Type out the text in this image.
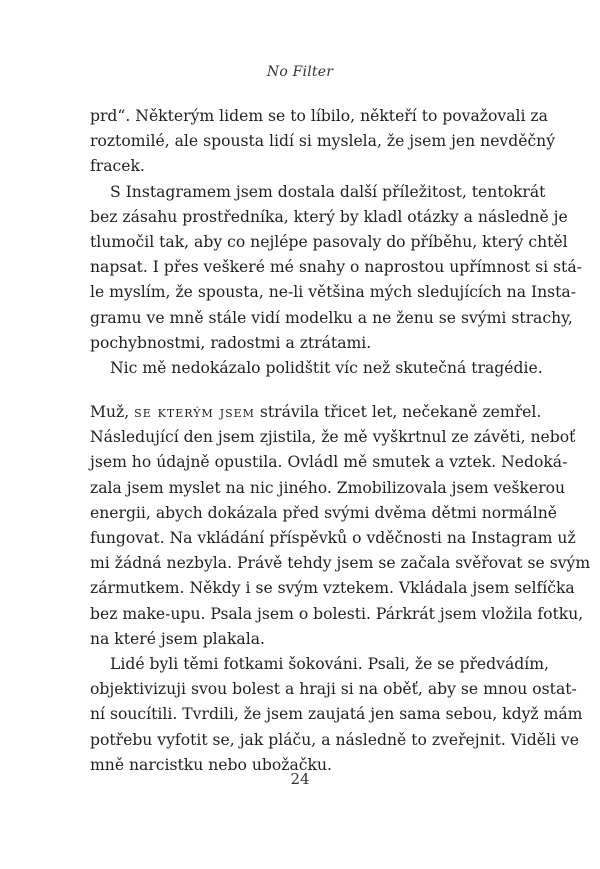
No Filter
prd“. Některým lidem se to líbilo, někteří to považovali za
roztomilé, ale spousta lidí si myslela, že jsem jen nevděčný
fracek.
S Instagramem jsem dostala další příležitost, tentokrát
bez zásahu prostředníka, který by kladl otázky a následně je
tlumočil tak, aby co nejlépe pasovaly do příběhu, který chtěl
napsat. I přes veškeré mé snahy o naprostou upřímnost si stá-
le myslím, že spousta, ne-li většina mých sledujících na Insta-
gramu ve mně stále vidí modelku a ne ženu se svými strachy,
pochybnostmi, radostmi a ztrátami.
Nic mě nedokázalo polidštit víc než skutečná tragédie.
Muž, se kterým jsem strávila třicet let, nečekaně zemřel.
Následující den jsem zjistila, že mě vyškrtnul ze závěti, neboť
jsem ho údajně opustila. Ovládl mě smutek a vztek. Nedoká-
zala jsem myslet na nic jiného. Zmobilizovala jsem veškerou
energii, abych dokázala před svými dvěma dětmi normálně
fungovat. Na vkládání příspěvků o vděčnosti na Instagram už
mi žádná nezbyla. Právě tehdy jsem se začala svěřovat se svým
zármutkem. Někdy i se svým vztekem. Vkládala jsem selfíčka
bez make-upu. Psala jsem o bolesti. Párkrát jsem vložila fotku,
na které jsem plakala.
Lidé byli těmi fotkami šokováni. Psali, že se předvádím,
objektivizuji svou bolest a hraji si na oběť, aby se mnou ostat-
ní soucítili. Tvrdili, že jsem zaujatá jen sama sebou, když mám
potřebu vyfotit se, jak pláču, a následně to zveřejnit. Viděli ve
mně narcistku nebo ubožačku.
24
